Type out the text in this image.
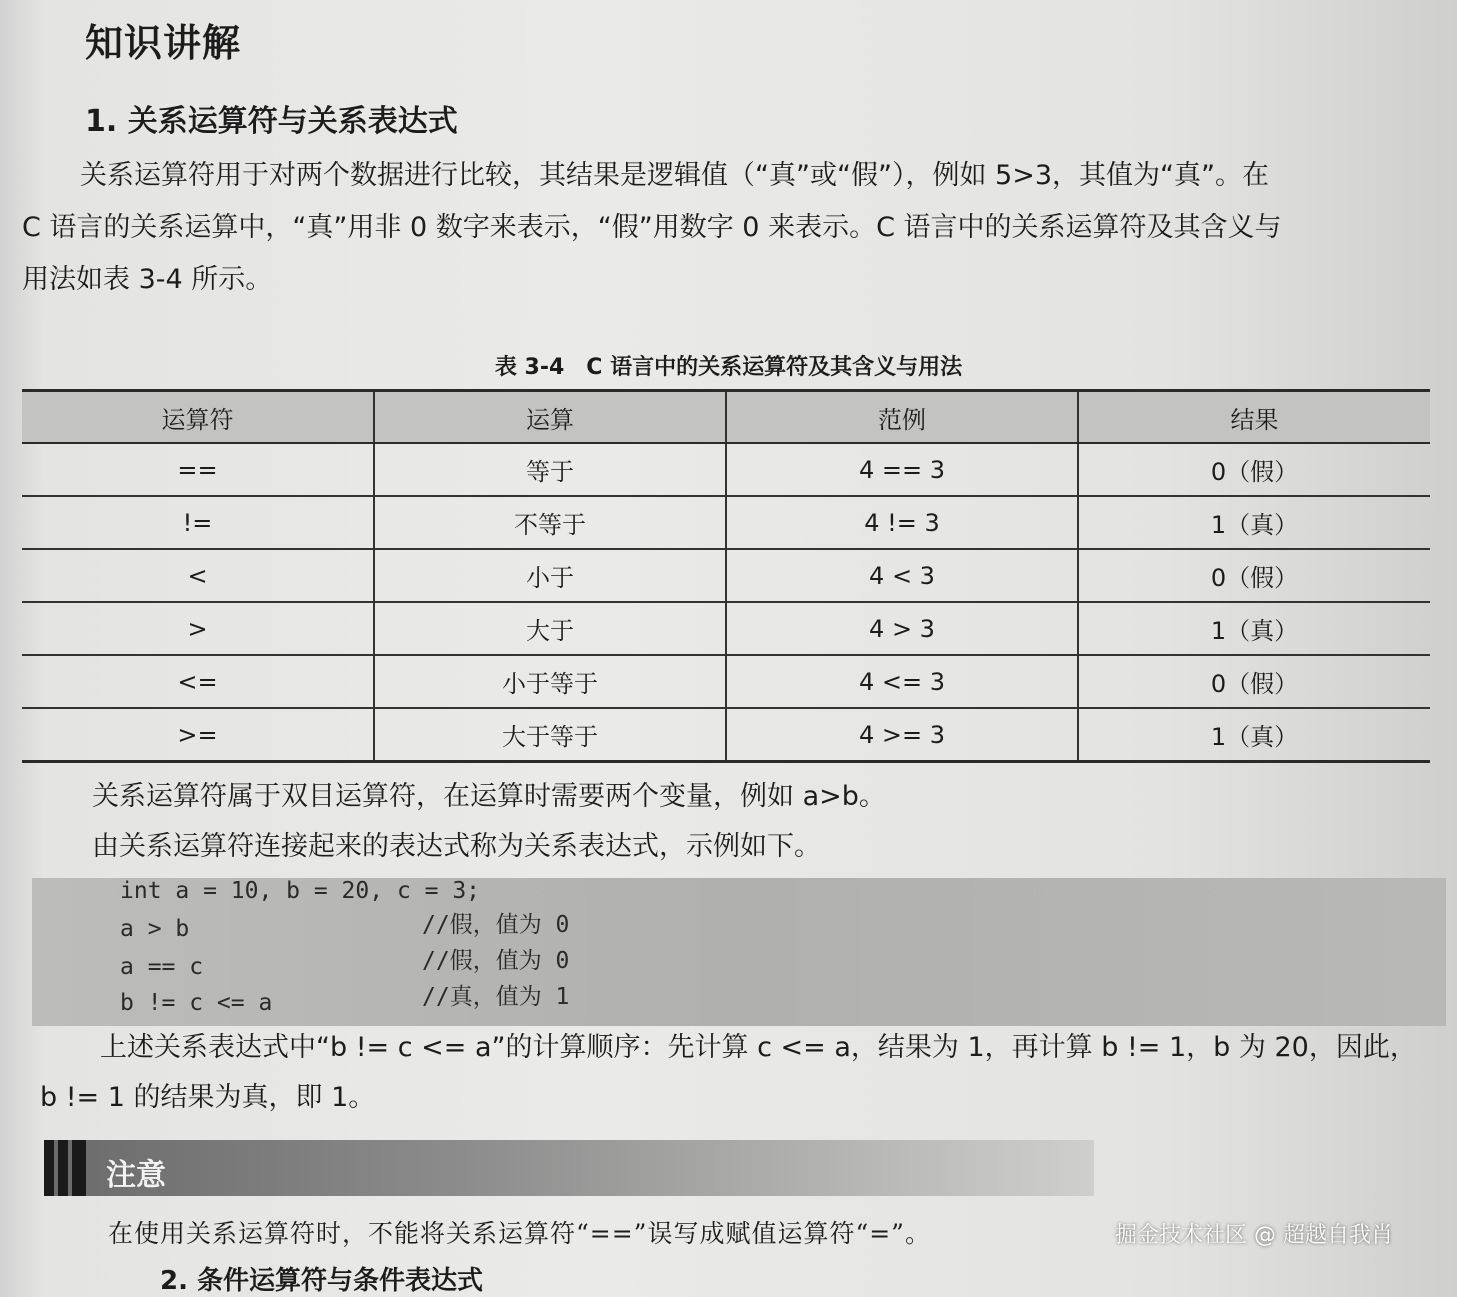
知识讲解
1. 关系运算符与关系表达式
关系运算符用于对两个数据进行比较，其结果是逻辑值（“真”或“假”），例如 5>3，其值为“真”。在
C 语言的关系运算中，“真”用非 0 数字来表示，“假”用数字 0 来表示。C 语言中的关系运算符及其含义与
用法如表 3-4 所示。
表 3-4　C 语言中的关系运算符及其含义与用法
运算符	运算	范例	结果
==	等于	4 == 3	0（假）
!=	不等于	4 != 3	1（真）
<	小于	4 < 3	0（假）
>	大于	4 > 3	1（真）
<=	小于等于	4 <= 3	0（假）
>=	大于等于	4 >= 3	1（真）
关系运算符属于双目运算符，在运算时需要两个变量，例如 a>b。
由关系运算符连接起来的表达式称为关系表达式，示例如下。
int a = 10, b = 20, c = 3;
a > b	//假，值为 0
a == c	//假，值为 0
b != c <= a	//真，值为 1
上述关系表达式中“b != c <= a”的计算顺序：先计算 c <= a，结果为 1，再计算 b != 1，b 为 20，因此，
b != 1 的结果为真，即 1。
注意
在使用关系运算符时，不能将关系运算符“==”误写成赋值运算符“=”。
2. 条件运算符与条件表达式
掘金技术社区 @ 超越自我肖
